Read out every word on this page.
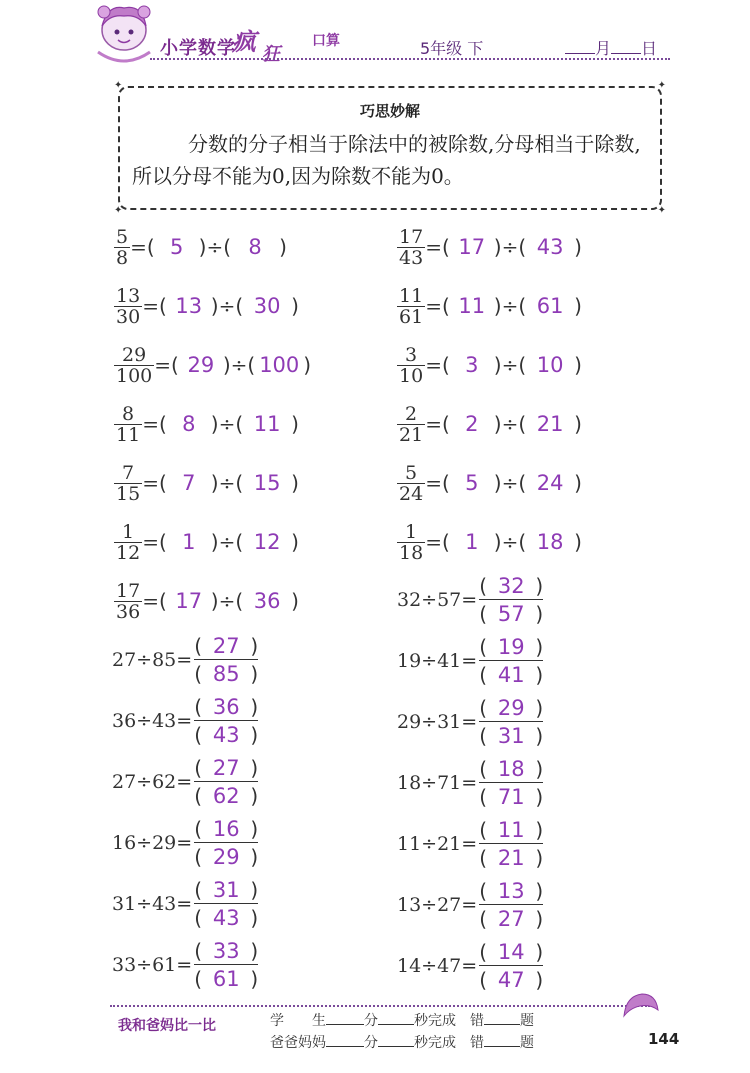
小学数学
疯 狂
口算	5年级 下	月 日
✦	✦
✦	✦
巧思妙解
分数的分子相当于除法中的被除数,分母相当于除数,所以分母不能为0,因为除数不能为0。
$\frac{5}{8}$ = ( 5 ) ÷ ( 8 )
$\frac{13}{30}$ = ( 13 ) ÷ ( 30 )
$\frac{29}{100}$ = ( 29 ) ÷ ( 100 )
$\frac{8}{11}$ = ( 8 ) ÷ ( 11 )
$\frac{7}{15}$ = ( 7 ) ÷ ( 15 )
$\frac{1}{12}$ = ( 1 ) ÷ ( 12 )
$\frac{17}{36}$ = ( 17 ) ÷ ( 36 )
$\frac{17}{43}$ = ( 17 ) ÷ ( 43 )
$\frac{11}{61}$ = ( 11 ) ÷ ( 61 )
$\frac{3}{10}$ = ( 3 ) ÷ ( 10 )
$\frac{2}{21}$ = ( 2 ) ÷ ( 21 )
$\frac{5}{24}$ = ( 5 ) ÷ ( 24 )
$\frac{1}{18}$ = ( 1 ) ÷ ( 18 )
$32\div 57= \frac{( 32 )}{( 57 )}$
$19\div 41= \frac{( 19 )}{( 41 )}$
$29\div 31= \frac{( 29 )}{( 31 )}$
$18\div 71= \frac{( 18 )}{( 71 )}$
$11\div 21= \frac{( 11 )}{( 21 )}$
$13\div 27= \frac{( 13 )}{( 27 )}$
$14\div 47= \frac{( 14 )}{( 47 )}$
$27\div 85= \frac{( 27 )}{( 85 )}$
$36\div 43= \frac{( 36 )}{( 43 )}$
$27\div 62= \frac{( 27 )}{( 62 )}$
$16\div 29= \frac{( 16 )}{( 29 )}$
$31\div 43= \frac{( 31 )}{( 43 )}$
$33\div 61= \frac{( 33 )}{( 61 )}$
我和爸妈比一比	学　　生	分	秒完成　 错	题
爸爸妈妈	分	秒完成　 错	题	144
